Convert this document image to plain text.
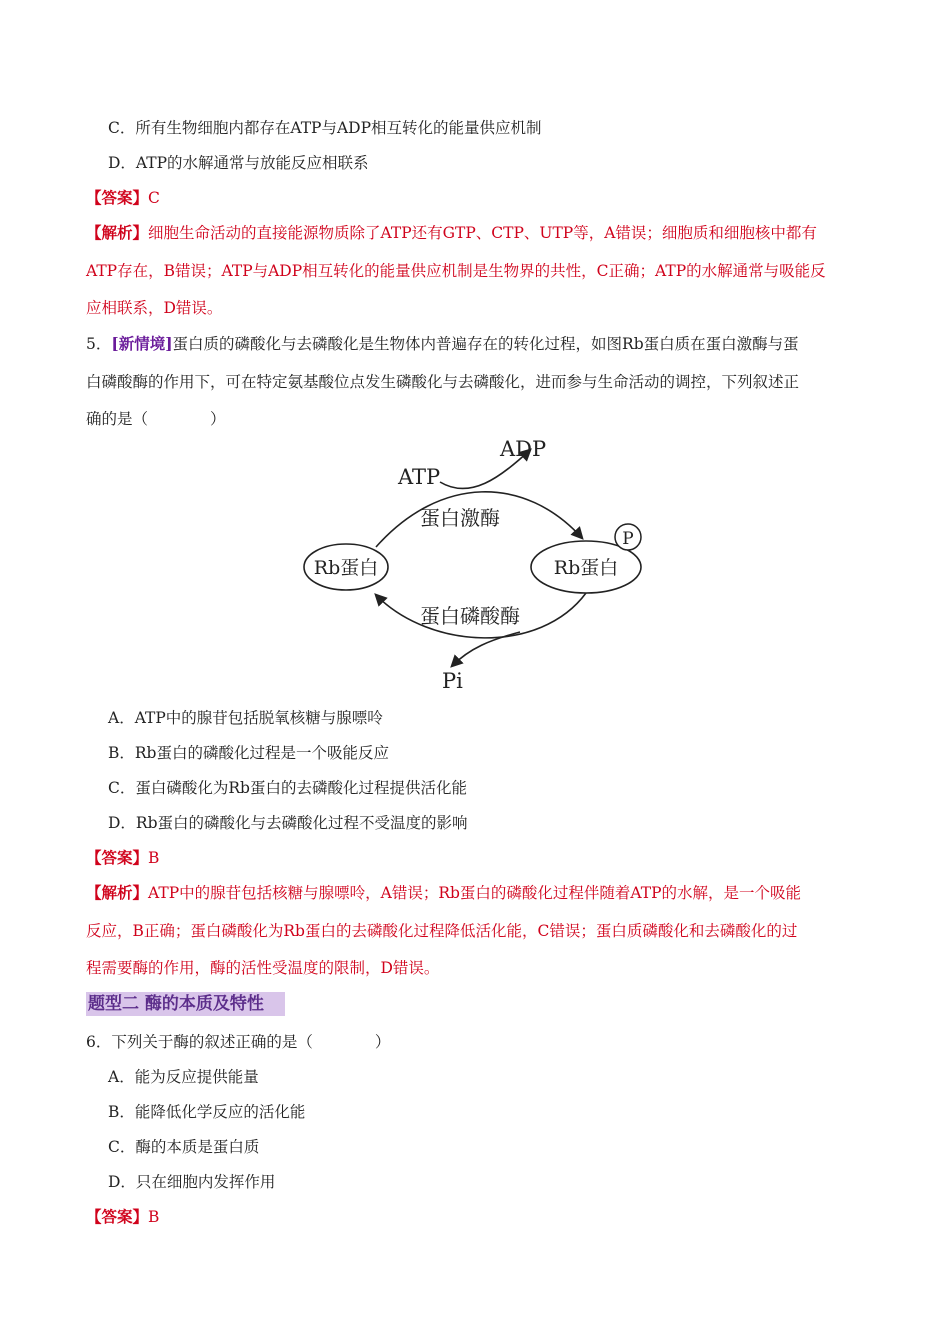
C．所有生物细胞内都存在ATP与ADP相互转化的能量供应机制
D．ATP的水解通常与放能反应相联系
【答案】C
【解析】细胞生命活动的直接能源物质除了ATP还有GTP、CTP、UTP等，A错误；细胞质和细胞核中都有
ATP存在，B错误；ATP与ADP相互转化的能量供应机制是生物界的共性，C正确；ATP的水解通常与吸能反
应相联系，D错误。
5．[新情境]蛋白质的磷酸化与去磷酸化是生物体内普遍存在的转化过程，如图Rb蛋白质在蛋白激酶与蛋
白磷酸酶的作用下，可在特定氨基酸位点发生磷酸化与去磷酸化，进而参与生命活动的调控，下列叙述正
确的是（　　　　）
Rb蛋白	Rb蛋白
P
ATP
ADP
蛋白激酶
蛋白磷酸酶
Pi
A．ATP中的腺苷包括脱氧核糖与腺嘌呤
B．Rb蛋白的磷酸化过程是一个吸能反应
C．蛋白磷酸化为Rb蛋白的去磷酸化过程提供活化能
D．Rb蛋白的磷酸化与去磷酸化过程不受温度的影响
【答案】B
【解析】ATP中的腺苷包括核糖与腺嘌呤，A错误；Rb蛋白的磷酸化过程伴随着ATP的水解，是一个吸能
反应，B正确；蛋白磷酸化为Rb蛋白的去磷酸化过程降低活化能，C错误；蛋白质磷酸化和去磷酸化的过
程需要酶的作用，酶的活性受温度的限制，D错误。
题型二 酶的本质及特性
6．下列关于酶的叙述正确的是（　　　　）
A．能为反应提供能量
B．能降低化学反应的活化能
C．酶的本质是蛋白质
D．只在细胞内发挥作用
【答案】B
